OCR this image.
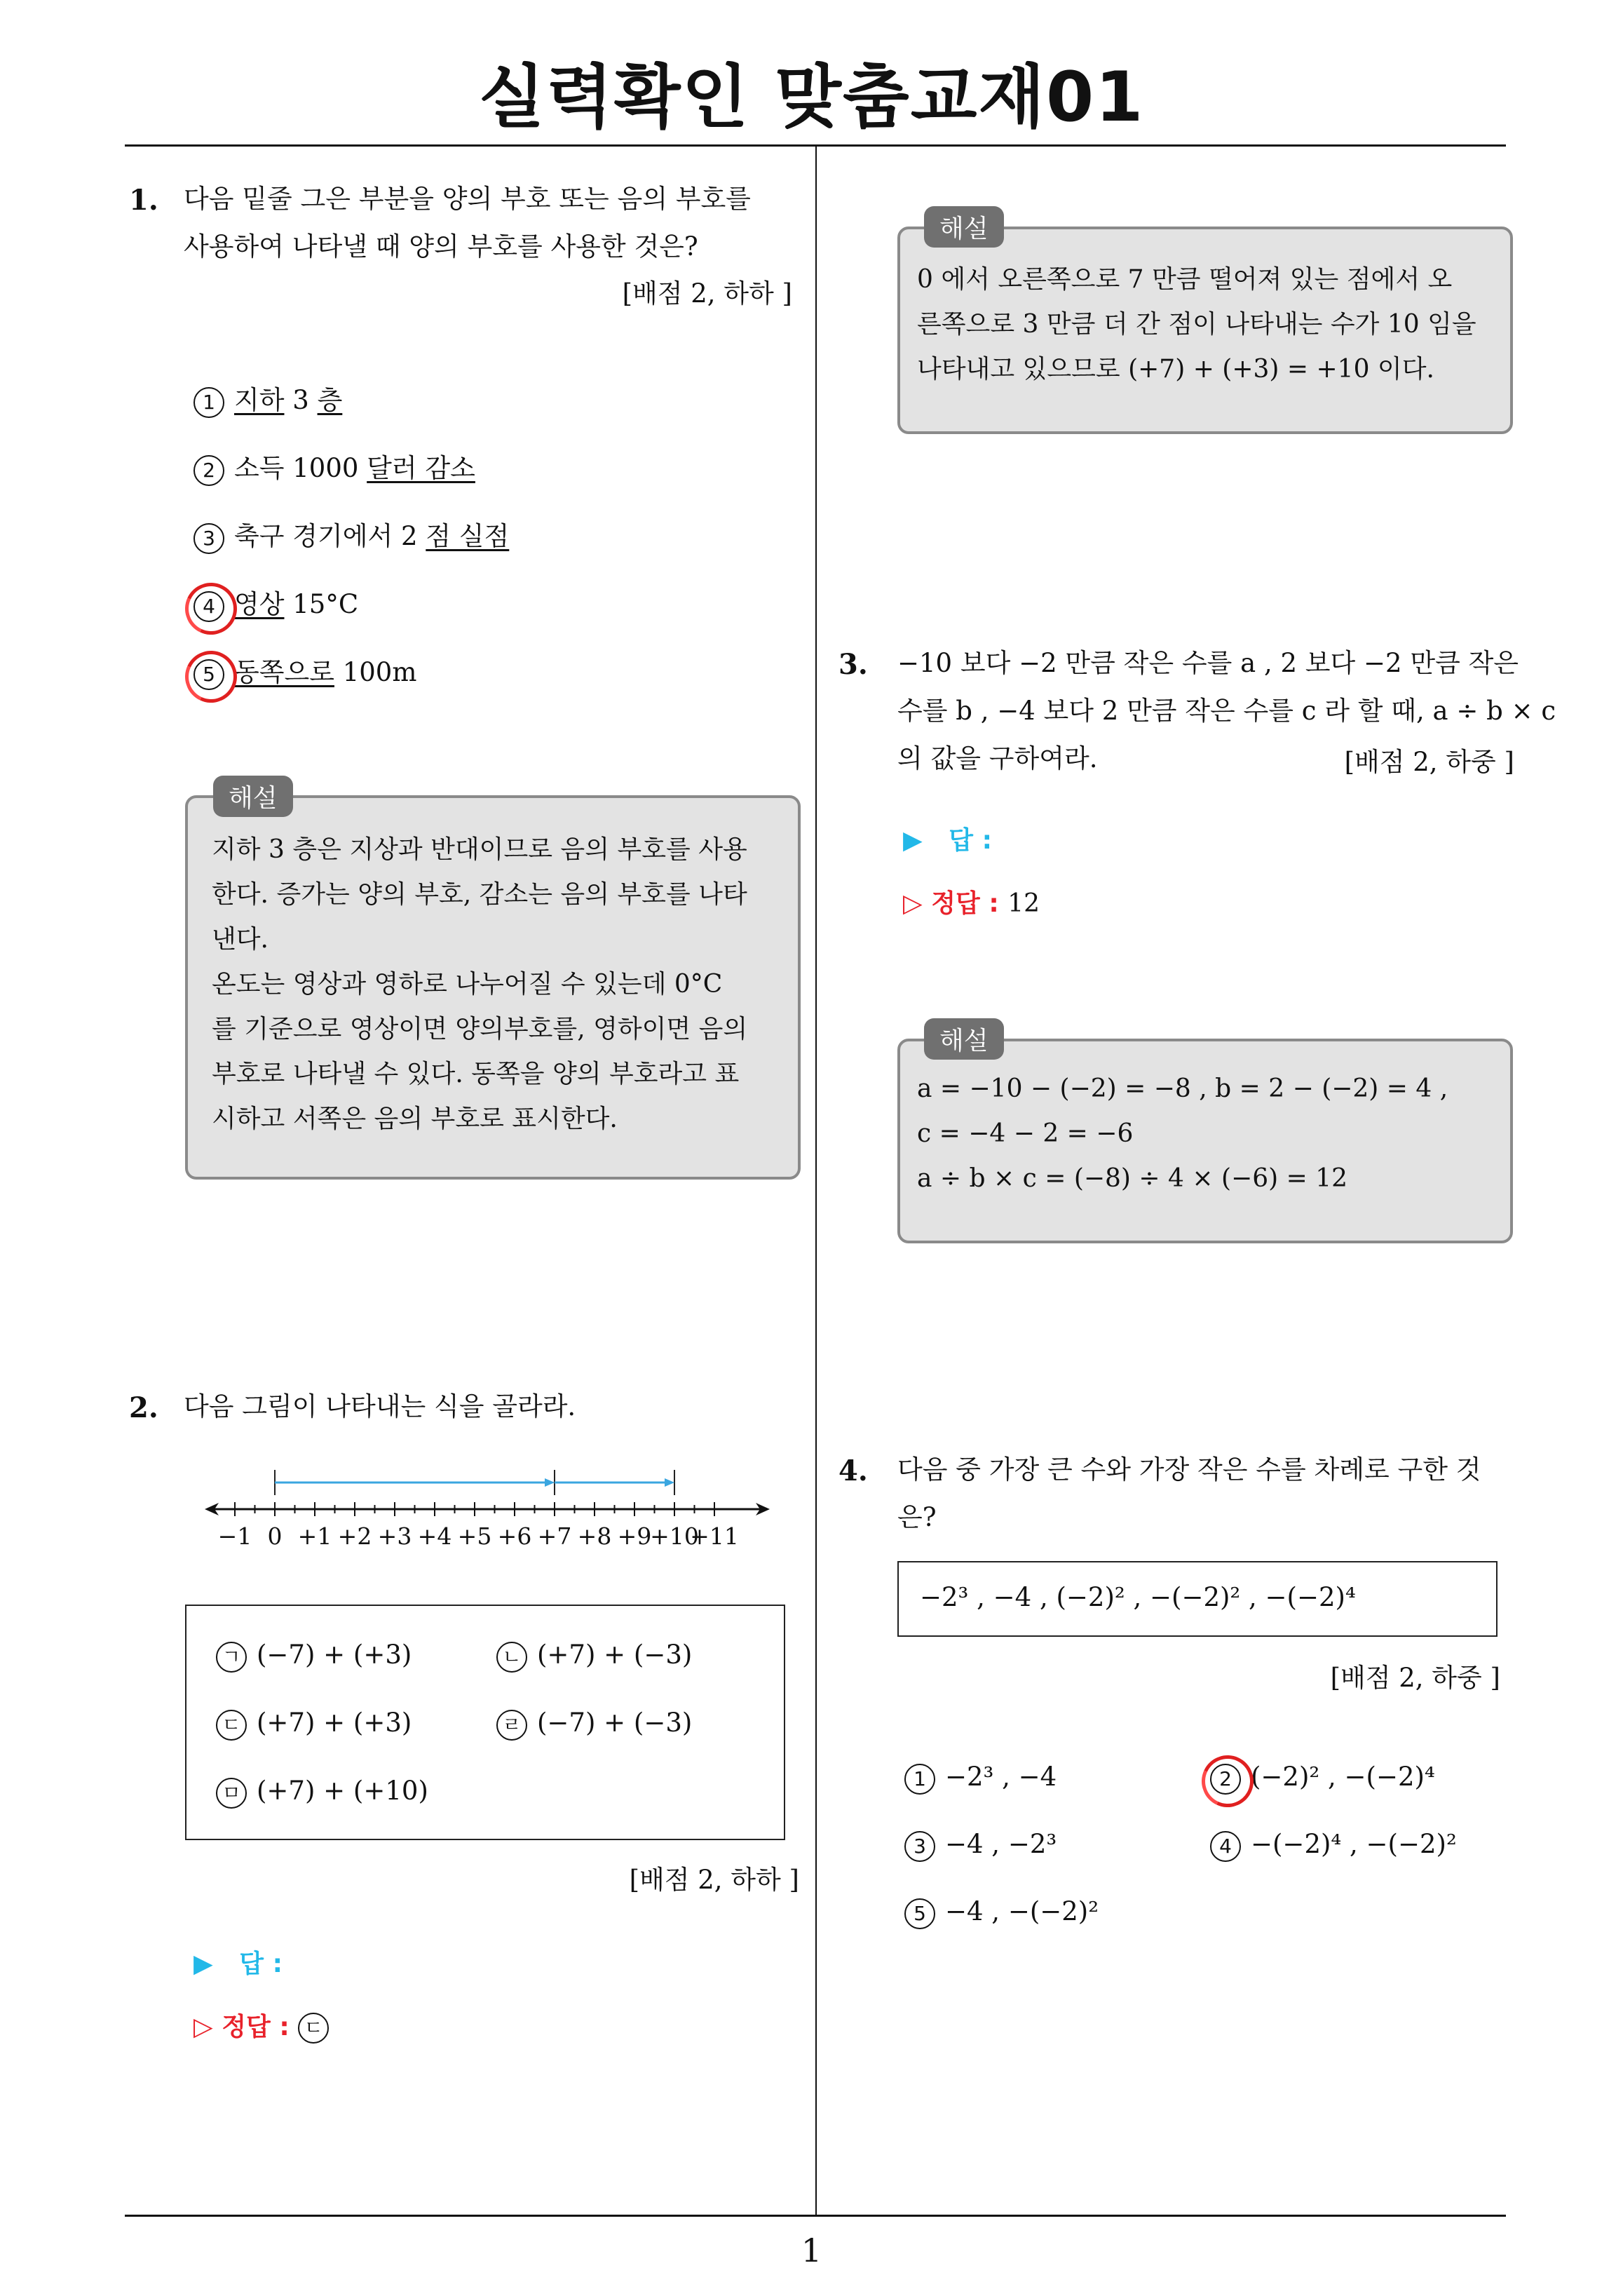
실력확인 맞춤교재01
1. 다음 밑줄 그은 부분을 양의 부호 또는 음의 부호를
사용하여 나타낼 때 양의 부호를 사용한 것은?
[배점 2, 하하 ]
1 지하 3 층
2 소득 1000 달러 감소
3 축구 경기에서 2 점 실점
4 영상 15°C
5 동쪽으로 100m
지하 3 층은 지상과 반대이므로 음의 부호를 사용
한다. 증가는 양의 부호, 감소는 음의 부호를 나타
낸다.
온도는 영상과 영하로 나누어질 수 있는데 0°C
를 기준으로 영상이면 양의부호를, 영하이면 음의
부호로 나타낼 수 있다. 동쪽을 양의 부호라고 표
시하고 서쪽은 음의 부호로 표시한다.
해설
2. 다음 그림이 나타내는 식을 골라라.
−1 0 +1 +2 +3 +4 +5 +6 +7 +8 +9
+10
+11
ㄱ (−7) + (+3)	ㄴ (+7) + (−3)
ㄷ (+7) + (+3)	ㄹ (−7) + (−3)
ㅁ (+7) + (+10)
[배점 2, 하하 ]
▶ 답 :
▷ 정답 : ㄷ
0 에서 오른쪽으로 7 만큼 떨어져 있는 점에서 오
른쪽으로 3 만큼 더 간 점이 나타내는 수가 10 임을
나타내고 있으므로 (+7) + (+3) = +10 이다.
해설
3. −10 보다 −2 만큼 작은 수를 a , 2 보다 −2 만큼 작은
수를 b , −4 보다 2 만큼 작은 수를 c 라 할 때, a ÷ b × c
의 값을 구하여라.	[배점 2, 하중 ]
▶ 답 :
▷ 정답 : 12
a = −10 − (−2) = −8 , b = 2 − (−2) = 4 ,
c = −4 − 2 = −6
a ÷ b × c = (−8) ÷ 4 × (−6) = 12
해설
4. 다음 중 가장 큰 수와 가장 작은 수를 차례로 구한 것
은?
−2³ , −4 , (−2)² , −(−2)² , −(−2)⁴
[배점 2, 하중 ]
1 −2³ , −4	2 (−2)² , −(−2)⁴
3 −4 , −2³	4 −(−2)⁴ , −(−2)²
5 −4 , −(−2)²
1
